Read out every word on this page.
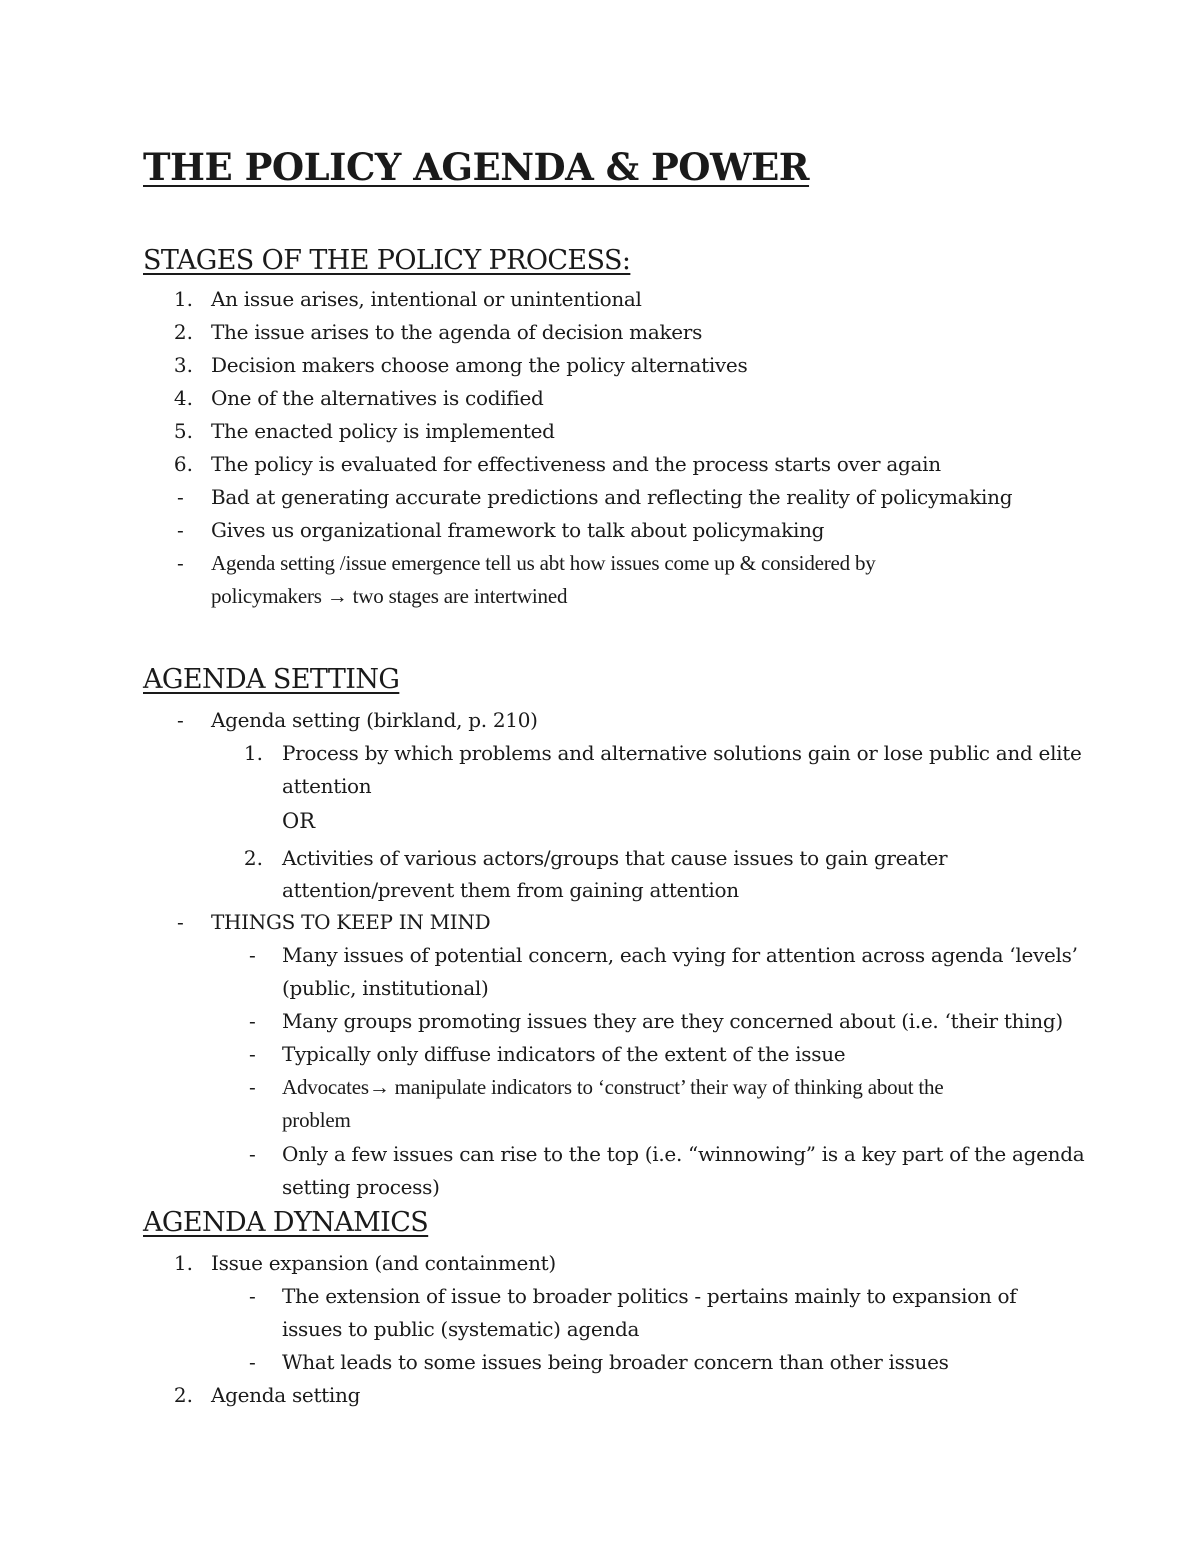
THE POLICY AGENDA & POWER
STAGES OF THE POLICY PROCESS:
1. An issue arises, intentional or unintentional
2. The issue arises to the agenda of decision makers
3. Decision makers choose among the policy alternatives
4. One of the alternatives is codified
5. The enacted policy is implemented
6. The policy is evaluated for effectiveness and the process starts over again
- Bad at generating accurate predictions and reflecting the reality of policymaking
- Gives us organizational framework to talk about policymaking
- Agenda setting /issue emergence tell us abt how issues come up & considered by
policymakers → two stages are intertwined
AGENDA SETTING
- Agenda setting (birkland, p. 210)
1. Process by which problems and alternative solutions gain or lose public and elite
attention
OR
2. Activities of various actors/groups that cause issues to gain greater
attention/prevent them from gaining attention
- THINGS TO KEEP IN MIND
- Many issues of potential concern, each vying for attention across agenda ‘levels’
(public, institutional)
- Many groups promoting issues they are they concerned about (i.e. ‘their thing)
- Typically only diffuse indicators of the extent of the issue
- Advocates→ manipulate indicators to ‘construct’ their way of thinking about the
problem
- Only a few issues can rise to the top (i.e. “winnowing” is a key part of the agenda
setting process)
AGENDA DYNAMICS
1. Issue expansion (and containment)
- The extension of issue to broader politics - pertains mainly to expansion of
issues to public (systematic) agenda
- What leads to some issues being broader concern than other issues
2. Agenda setting
